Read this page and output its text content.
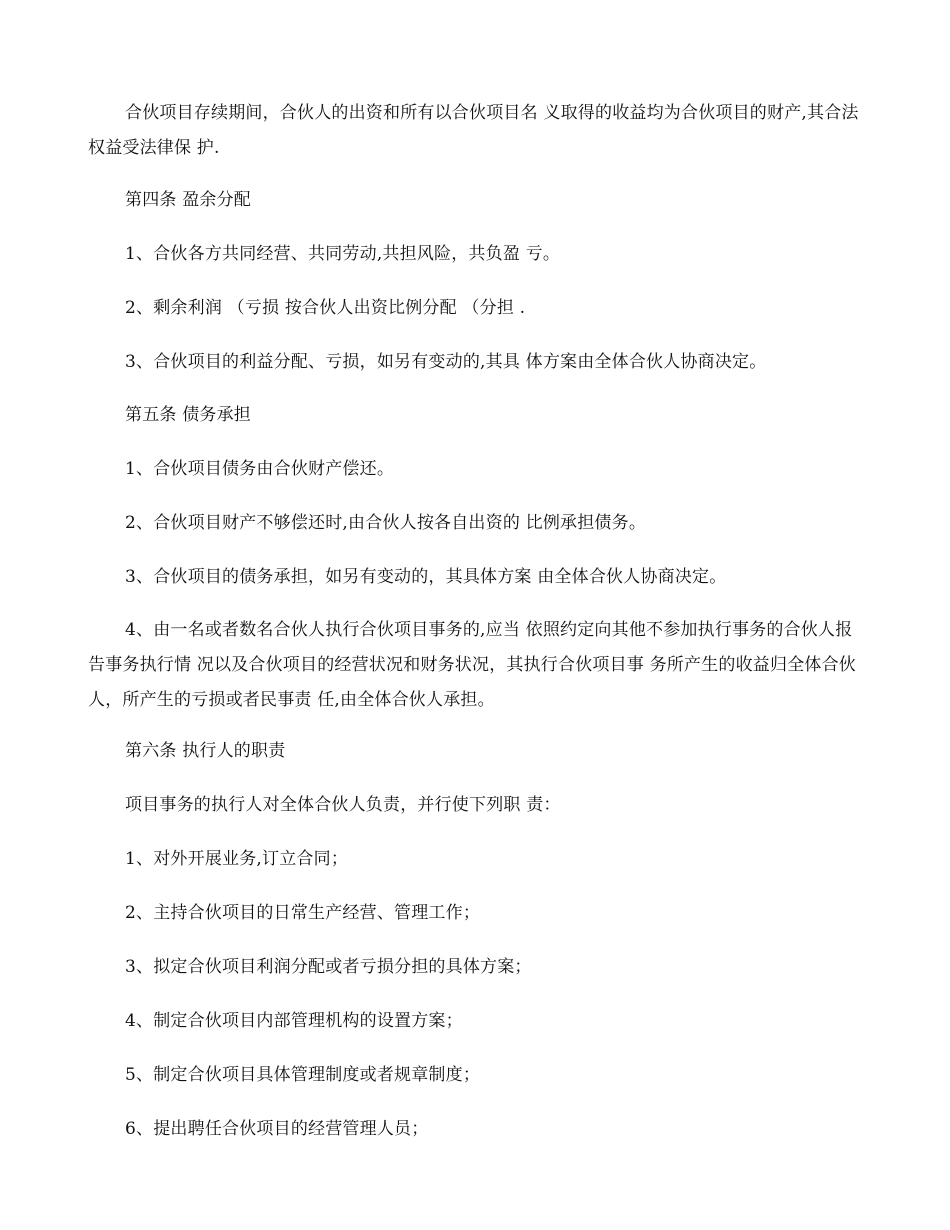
合伙项目存续期间，合伙人的出资和所有以合伙项目名 义取得的收益均为合伙项目的财产,其合法权益受法律保 护.

第四条 盈余分配

1、合伙各方共同经营、共同劳动,共担风险，共负盈 亏。

2、剩余利润 （亏损 按合伙人出资比例分配 （分担 .

3、合伙项目的利益分配、亏损，如另有变动的,其具 体方案由全体合伙人协商决定。

第五条 债务承担

1、合伙项目债务由合伙财产偿还。

2、合伙项目财产不够偿还时,由合伙人按各自出资的 比例承担债务。

3、合伙项目的债务承担，如另有变动的，其具体方案 由全体合伙人协商决定。

4、由一名或者数名合伙人执行合伙项目事务的,应当 依照约定向其他不参加执行事务的合伙人报告事务执行情 况以及合伙项目的经营状况和财务状况，其执行合伙项目事 务所产生的收益归全体合伙人，所产生的亏损或者民事责 任,由全体合伙人承担。

第六条 执行人的职责

项目事务的执行人对全体合伙人负责，并行使下列职 责：

1、对外开展业务,订立合同；

2、主持合伙项目的日常生产经营、管理工作；

3、拟定合伙项目利润分配或者亏损分担的具体方案；

4、制定合伙项目内部管理机构的设置方案；

5、制定合伙项目具体管理制度或者规章制度；

6、提出聘任合伙项目的经营管理人员；
